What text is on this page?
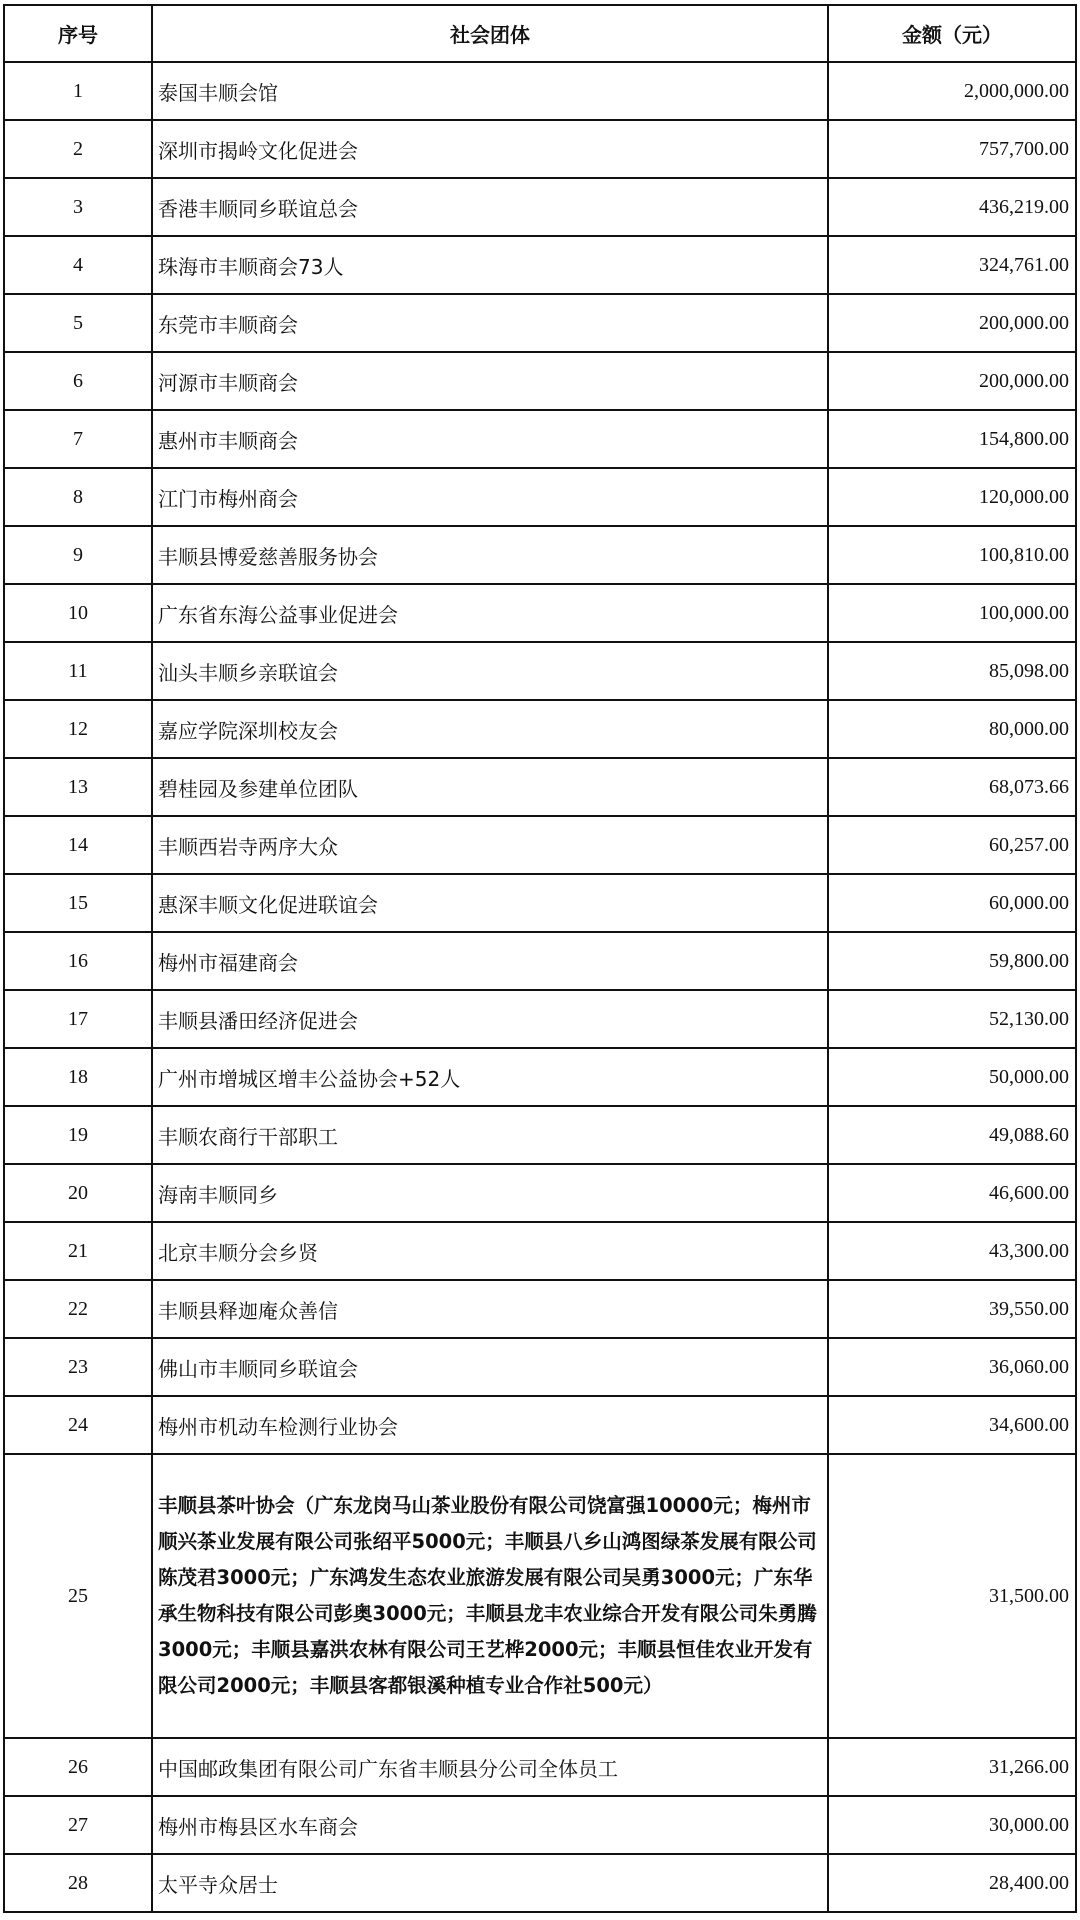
序号	社会团体	金额（元）
1	泰国丰顺会馆	2,000,000.00
2	深圳市揭岭文化促进会	757,700.00
3	香港丰顺同乡联谊总会	436,219.00
4	珠海市丰顺商会73人	324,761.00
5	东莞市丰顺商会	200,000.00
6	河源市丰顺商会	200,000.00
7	惠州市丰顺商会	154,800.00
8	江门市梅州商会	120,000.00
9	丰顺县博爱慈善服务协会	100,810.00
10	广东省东海公益事业促进会	100,000.00
11	汕头丰顺乡亲联谊会	85,098.00
12	嘉应学院深圳校友会	80,000.00
13	碧桂园及参建单位团队	68,073.66
14	丰顺西岩寺两序大众	60,257.00
15	惠深丰顺文化促进联谊会	60,000.00
16	梅州市福建商会	59,800.00
17	丰顺县潘田经济促进会	52,130.00
18	广州市增城区增丰公益协会+52人	50,000.00
19	丰顺农商行干部职工	49,088.60
20	海南丰顺同乡	46,600.00
21	北京丰顺分会乡贤	43,300.00
22	丰顺县释迦庵众善信	39,550.00
23	佛山市丰顺同乡联谊会	36,060.00
24	梅州市机动车检测行业协会	34,600.00
25	丰顺县茶叶协会（广东龙岗马山茶业股份有限公司饶富强10000元；梅州市顺兴茶业发展有限公司张绍平5000元；丰顺县八乡山鸿图绿茶发展有限公司陈茂君3000元；广东鸿发生态农业旅游发展有限公司吴勇3000元；广东华承生物科技有限公司彭奥3000元；丰顺县龙丰农业综合开发有限公司朱勇腾3000元；丰顺县嘉洪农林有限公司王艺桦2000元；丰顺县恒佳农业开发有限公司2000元；丰顺县客都银溪种植专业合作社500元）	31,500.00
26	中国邮政集团有限公司广东省丰顺县分公司全体员工	31,266.00
27	梅州市梅县区水车商会	30,000.00
28	太平寺众居士	28,400.00
